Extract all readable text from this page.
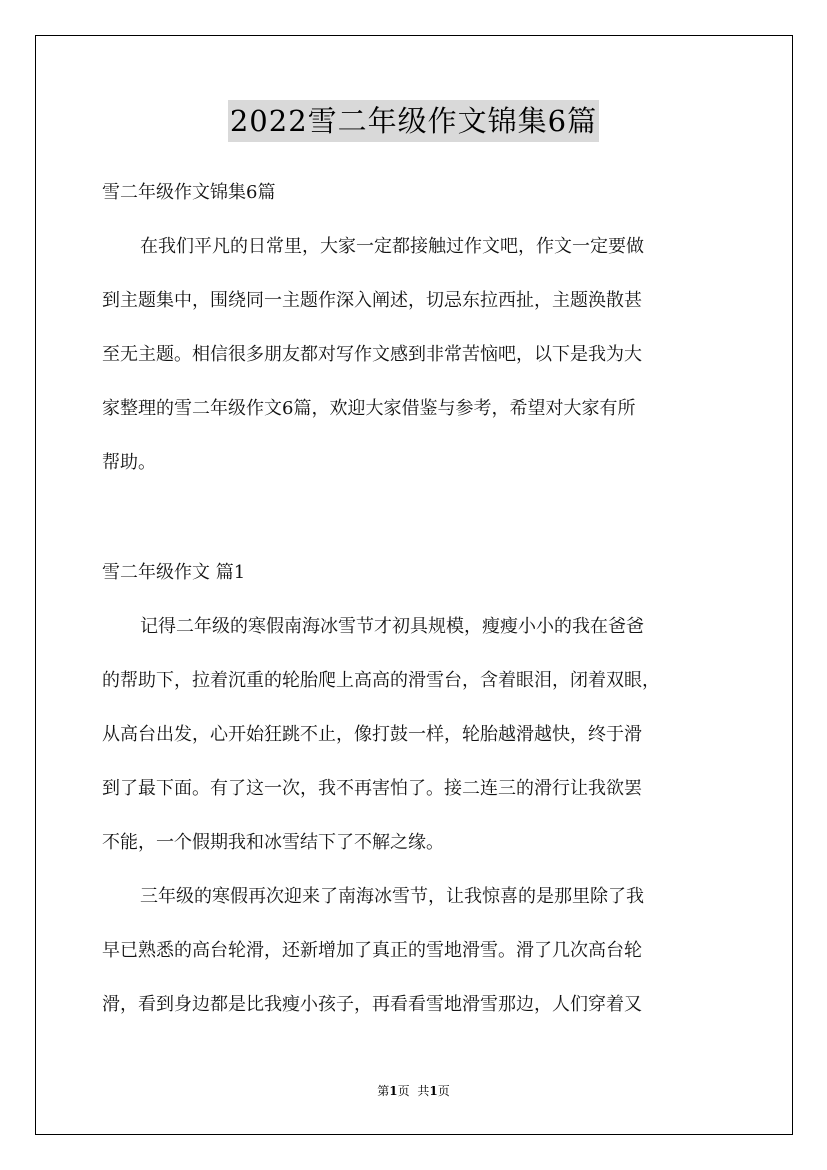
2022雪二年级作文锦集6篇
雪二年级作文锦集6篇
在我们平凡的日常里，大家一定都接触过作文吧，作文一定要做
到主题集中，围绕同一主题作深入阐述，切忌东拉西扯，主题涣散甚
至无主题。相信很多朋友都对写作文感到非常苦恼吧，以下是我为大
家整理的雪二年级作文6篇，欢迎大家借鉴与参考，希望对大家有所
帮助。
雪二年级作文 篇1
记得二年级的寒假南海冰雪节才初具规模，瘦瘦小小的我在爸爸
的帮助下，拉着沉重的轮胎爬上高高的滑雪台，含着眼泪，闭着双眼，
从高台出发，心开始狂跳不止，像打鼓一样，轮胎越滑越快，终于滑
到了最下面。有了这一次，我不再害怕了。接二连三的滑行让我欲罢
不能，一个假期我和冰雪结下了不解之缘。
三年级的寒假再次迎来了南海冰雪节，让我惊喜的是那里除了我
早已熟悉的高台轮滑，还新增加了真正的雪地滑雪。滑了几次高台轮
滑，看到身边都是比我瘦小孩子，再看看雪地滑雪那边，人们穿着又
第1页 共1页
